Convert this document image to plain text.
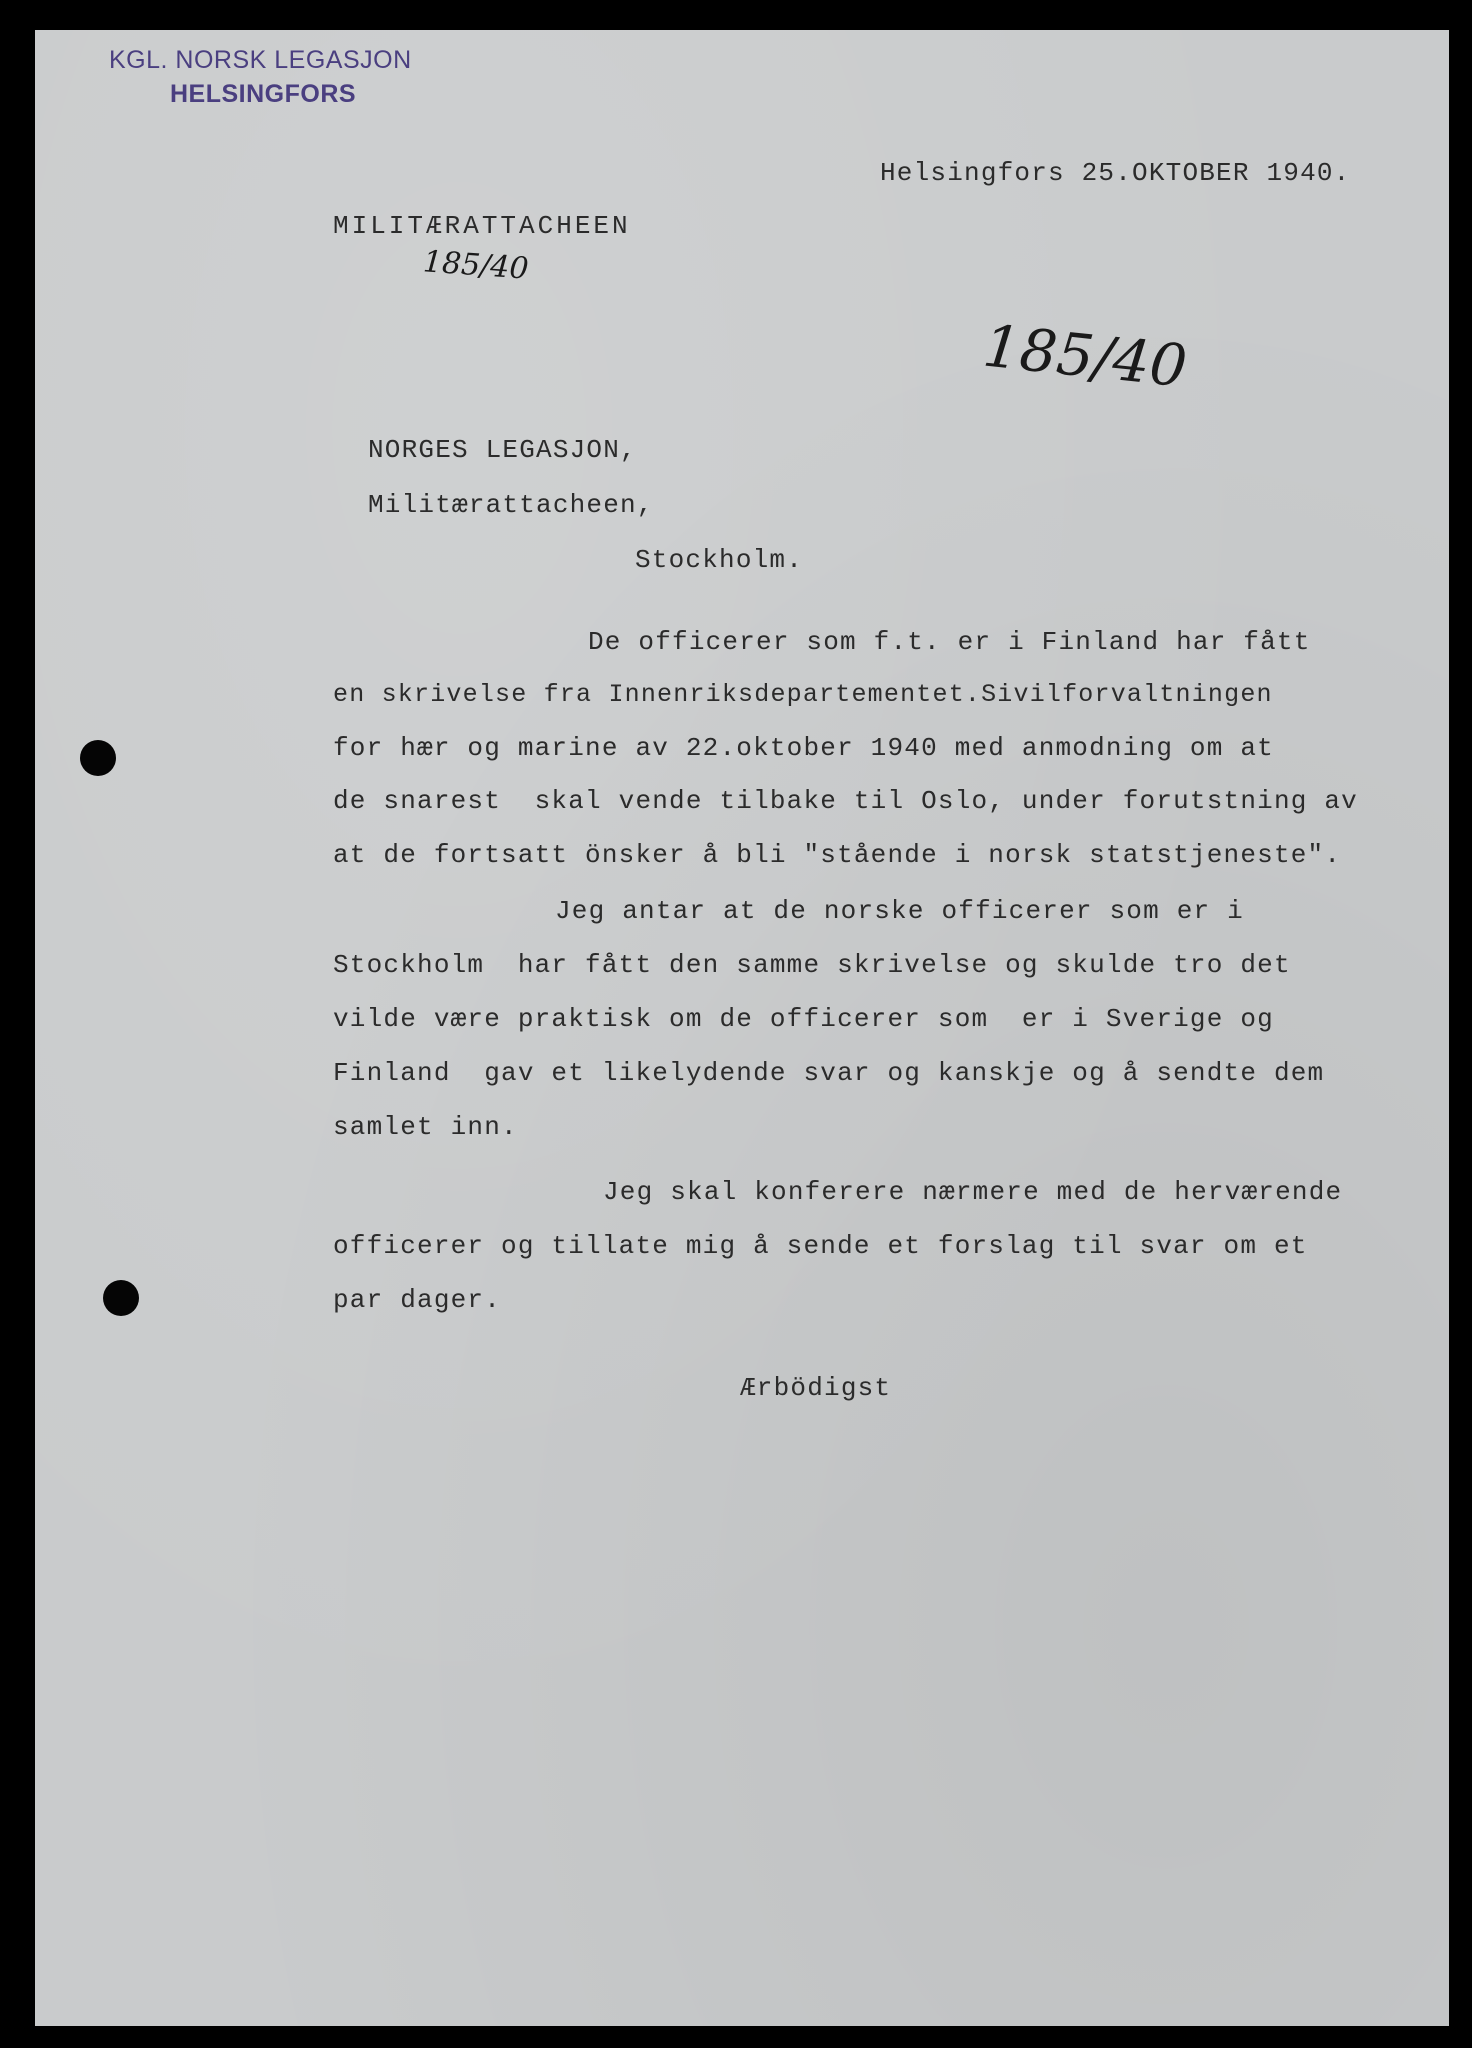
KGL. NORSK LEGASJON
HELSINGFORS
Helsingfors 25.OKTOBER 1940.
MILITÆRATTACHEEN
185/40
185/40
NORGES LEGASJON,
Militærattacheen,
Stockholm.
De officerer som f.t. er i Finland har fått
en skrivelse fra Innenriksdepartementet.Sivilforvaltningen
for hær og marine av 22.oktober 1940 med anmodning om at
de snarest  skal vende tilbake til Oslo, under forutstning av
at de fortsatt önsker å bli "stående i norsk statstjeneste".
Jeg antar at de norske officerer som er i
Stockholm  har fått den samme skrivelse og skulde tro det
vilde være praktisk om de officerer som  er i Sverige og
Finland  gav et likelydende svar og kanskje og å sendte dem
samlet inn.
Jeg skal konferere nærmere med de herværende
officerer og tillate mig å sende et forslag til svar om et
par dager.
Ærbödigst
